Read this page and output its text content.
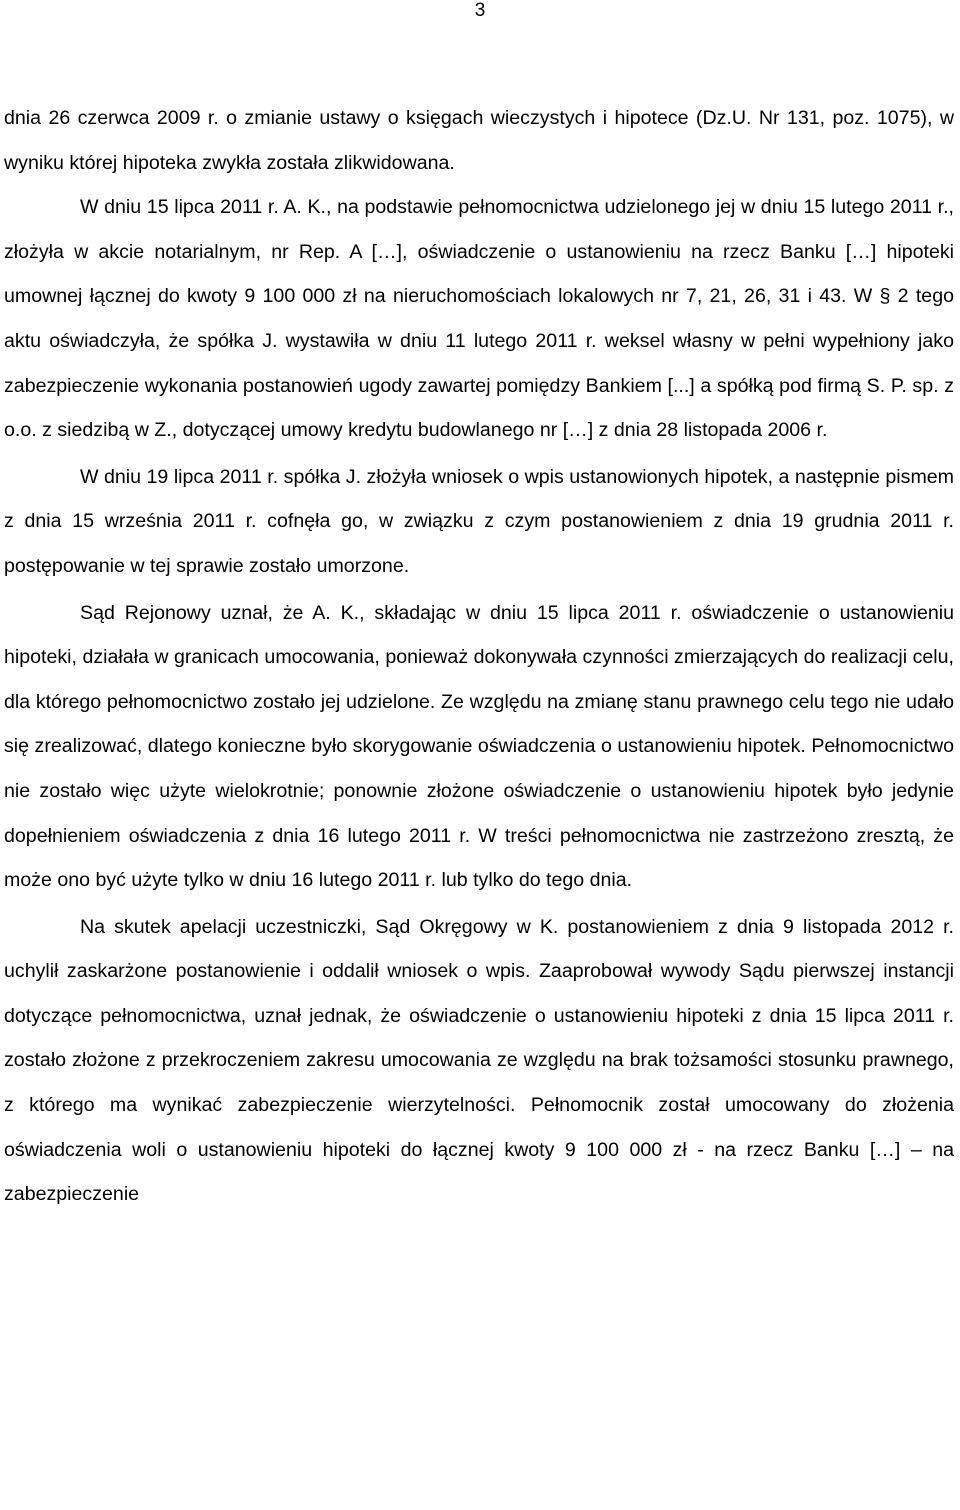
3

dnia 26 czerwca 2009 r. o zmianie ustawy o księgach wieczystych i hipotece (Dz.U. Nr 131, poz. 1075), w wyniku której hipoteka zwykła została zlikwidowana.

W dniu 15 lipca 2011 r. A. K., na podstawie pełnomocnictwa udzielonego jej w dniu 15 lutego 2011 r., złożyła w akcie notarialnym, nr Rep. A […], oświadczenie o ustanowieniu na rzecz Banku […] hipoteki umownej łącznej do kwoty 9 100 000 zł na nieruchomościach lokalowych nr 7, 21, 26, 31 i 43. W § 2 tego aktu oświadczyła, że spółka J. wystawiła w dniu 11 lutego 2011 r. weksel własny w pełni wypełniony jako zabezpieczenie wykonania postanowień ugody zawartej pomiędzy Bankiem [...] a spółką pod firmą S. P. sp. z o.o. z siedzibą w Z., dotyczącej umowy kredytu budowlanego nr […] z dnia 28 listopada 2006 r.

W dniu 19 lipca 2011 r. spółka J. złożyła wniosek o wpis ustanowionych hipotek, a następnie pismem z dnia 15 września 2011 r. cofnęła go, w związku z czym postanowieniem z dnia 19 grudnia 2011 r. postępowanie w tej sprawie zostało umorzone.

Sąd Rejonowy uznał, że A. K., składając w dniu 15 lipca 2011 r. oświadczenie o ustanowieniu hipoteki, działała w granicach umocowania, ponieważ dokonywała czynności zmierzających do realizacji celu, dla którego pełnomocnictwo zostało jej udzielone. Ze względu na zmianę stanu prawnego celu tego nie udało się zrealizować, dlatego konieczne było skorygowanie oświadczenia o ustanowieniu hipotek. Pełnomocnictwo nie zostało więc użyte wielokrotnie; ponownie złożone oświadczenie o ustanowieniu hipotek było jedynie dopełnieniem oświadczenia z dnia 16 lutego 2011 r. W treści pełnomocnictwa nie zastrzeżono zresztą, że może ono być użyte tylko w dniu 16 lutego 2011 r. lub tylko do tego dnia.

Na skutek apelacji uczestniczki, Sąd Okręgowy w K. postanowieniem z dnia 9 listopada 2012 r. uchylił zaskarżone postanowienie i oddalił wniosek o wpis. Zaaprobował wywody Sądu pierwszej instancji dotyczące pełnomocnictwa, uznał jednak, że oświadczenie o ustanowieniu hipoteki z dnia 15 lipca 2011 r. zostało złożone z przekroczeniem zakresu umocowania ze względu na brak tożsamości stosunku prawnego, z którego ma wynikać zabezpieczenie wierzytelności. Pełnomocnik został umocowany do złożenia oświadczenia woli o ustanowieniu hipoteki do łącznej kwoty 9 100 000 zł - na rzecz Banku […] – na zabezpieczenie
